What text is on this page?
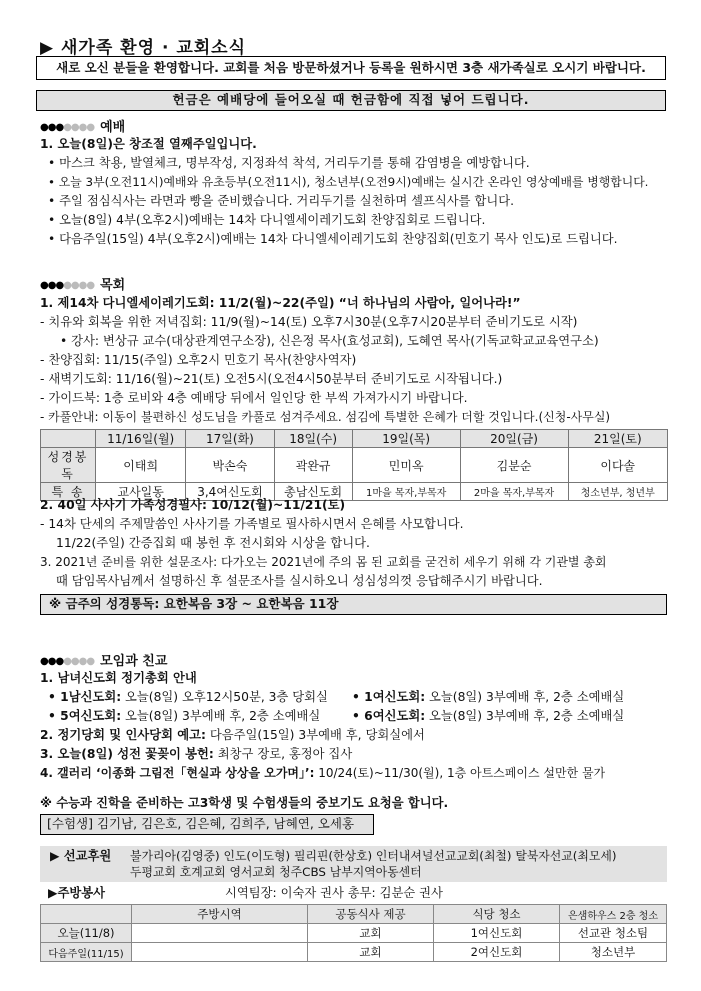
▶ 새가족 환영 · 교회소식
새로 오신 분들을 환영합니다. 교회를 처음 방문하셨거나 등록을 원하시면 3층 새가족실로 오시기 바랍니다.
헌금은 예배당에 들어오실 때 헌금함에 직접 넣어 드립니다.
●●●●●●● 예배
1. 오늘(8일)은 창조절 열째주일입니다.
• 마스크 착용, 발열체크, 명부작성, 지정좌석 착석, 거리두기를 통해 감염병을 예방합니다.
• 오늘 3부(오전11시)예배와 유초등부(오전11시), 청소년부(오전9시)예배는 실시간 온라인 영상예배를 병행합니다.
• 주일 점심식사는 라면과 빵을 준비했습니다. 거리두기를 실천하며 셀프식사를 합니다.
• 오늘(8일) 4부(오후2시)예배는 14차 다니엘세이레기도회 찬양집회로 드립니다.
• 다음주일(15일) 4부(오후2시)예배는 14차 다니엘세이레기도회 찬양집회(민호기 목사 인도)로 드립니다.
●●●●●●● 목회
1. 제14차 다니엘세이레기도회: 11/2(월)~22(주일) “너 하나님의 사람아, 일어나라!”
- 치유와 회복을 위한 저녁집회: 11/9(월)~14(토) 오후7시30분(오후7시20분부터 준비기도로 시작)
• 강사: 변상규 교수(대상관계연구소장), 신은정 목사(효성교회), 도혜연 목사(기독교학교교육연구소)
- 찬양집회: 11/15(주일) 오후2시 민호기 목사(찬양사역자)
- 새벽기도회: 11/16(월)~21(토) 오전5시(오전4시50분부터 준비기도로 시작됩니다.)
- 가이드북: 1층 로비와 4층 예배당 뒤에서 일인당 한 부씩 가져가시기 바랍니다.
- 카풀안내: 이동이 불편하신 성도님을 카풀로 섬겨주세요. 섬김에 특별한 은혜가 더할 것입니다.(신청-사무실)
	11/16일(월)	17일(화)	18일(수)	19일(목)	20일(금)	21일(토)
성경봉독	이태희	박손숙	곽완규	민미옥	김분순	이다솔
특 송	교사일동	3,4여신도회	총남신도회	1마을 목자,부목자	2마을 목자,부목자	청소년부, 청년부
2. 40일 사사기 가족성경필사: 10/12(월)~11/21(토)
- 14차 단세의 주제말씀인 사사기를 가족별로 필사하시면서 은혜를 사모합니다.
11/22(주일) 간증집회 때 봉헌 후 전시회와 시상을 합니다.
3. 2021년 준비를 위한 설문조사: 다가오는 2021년에 주의 몸 된 교회를 굳건히 세우기 위해 각 기관별 총회
때 담임목사님께서 설명하신 후 설문조사를 실시하오니 성심성의껏 응답해주시기 바랍니다.
※ 금주의 성경통독: 요한복음 3장 ~ 요한복음 11장
●●●●●●● 모임과 친교
1. 남녀신도회 정기총회 안내
• 1남신도회: 오늘(8일) 오후12시50분, 3층 당회실 • 1여신도회: 오늘(8일) 3부예배 후, 2층 소예배실
• 5여신도회: 오늘(8일) 3부예배 후, 2층 소예배실	• 6여신도회: 오늘(8일) 3부예배 후, 2층 소예배실
2. 정기당회 및 인사당회 예고: 다음주일(15일) 3부예배 후, 당회실에서
3. 오늘(8일) 성전 꽃꽂이 봉헌: 최창구 장로, 홍정아 집사
4. 갤러리 ‘이종화 그림전「현실과 상상을 오가며」’: 10/24(토)~11/30(월), 1층 아트스페이스 설만한 물가
※ 수능과 진학을 준비하는 고3학생 및 수험생들의 중보기도 요청을 합니다.
[수험생] 김기남, 김은호, 김은혜, 김희주, 남혜연, 오세홍
▶ 선교후원 불가리아(김영중) 인도(이도형) 필리핀(한상호) 인터내셔널선교교회(최철) 탈북자선교(최모세)
두평교회 호계교회 영서교회 청주CBS 남부지역아동센터
▶주방봉사	시역팀장: 이숙자 권사 총무: 김분순 권사
	주방시역	공동식사 제공	식당 청소	은샘하우스 2층 청소
오늘(11/8)		교회	1여신도회	선교관 청소팀
다음주일(11/15)		교회	2여신도회	청소년부
